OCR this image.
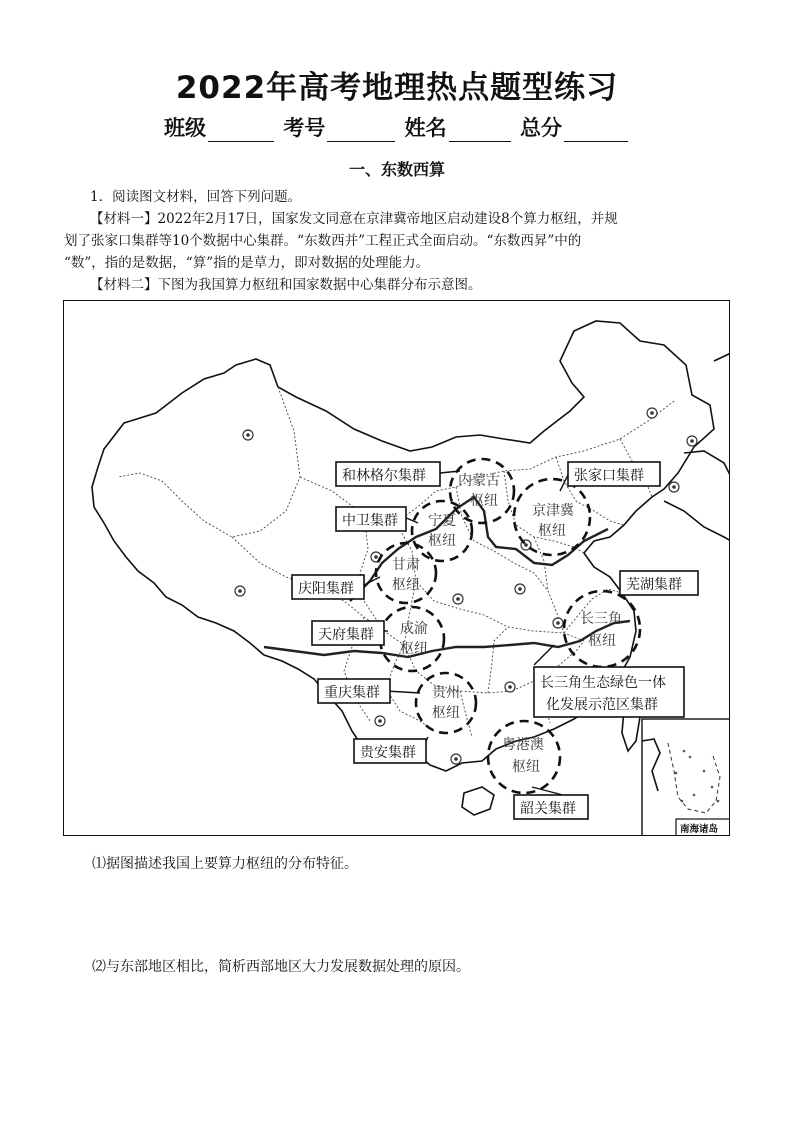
2022年高考地理热点题型练习
班级	考号	姓名	总分
一、东数西算
1．阅读图文材料，回答下列问题。
【材料一】2022年2月17日，国家发文同意在京津冀帝地区启动建设8个算力枢纽，并规
划了张家口集群等10个数据中心集群。“东数西并”工程正式全面启动。“东数西昇”中的
“数”，指的是数据，“算”指的是草力，即对数据的处理能力。
【材料二】下图为我国算力枢纽和国家数据中心集群分布示意图。
内蒙古
枢纽
宁夏
枢纽
京津冀
枢纽
甘肃
枢纽
长三角
枢纽
成渝
枢纽
贵州
枢纽
粤港澳
枢纽
和林格尔集群	张家口集群
中卫集群
庆阳集群	芜湖集群
天府集群
重庆集群
长三角生态绿色一体
化发展示范区集群
贵安集群
韶关集群
南海诸岛
⑴据图描述我国上要算力枢纽的分布特征。
⑵与东部地区相比，简析西部地区大力发展数据处理的原因。
